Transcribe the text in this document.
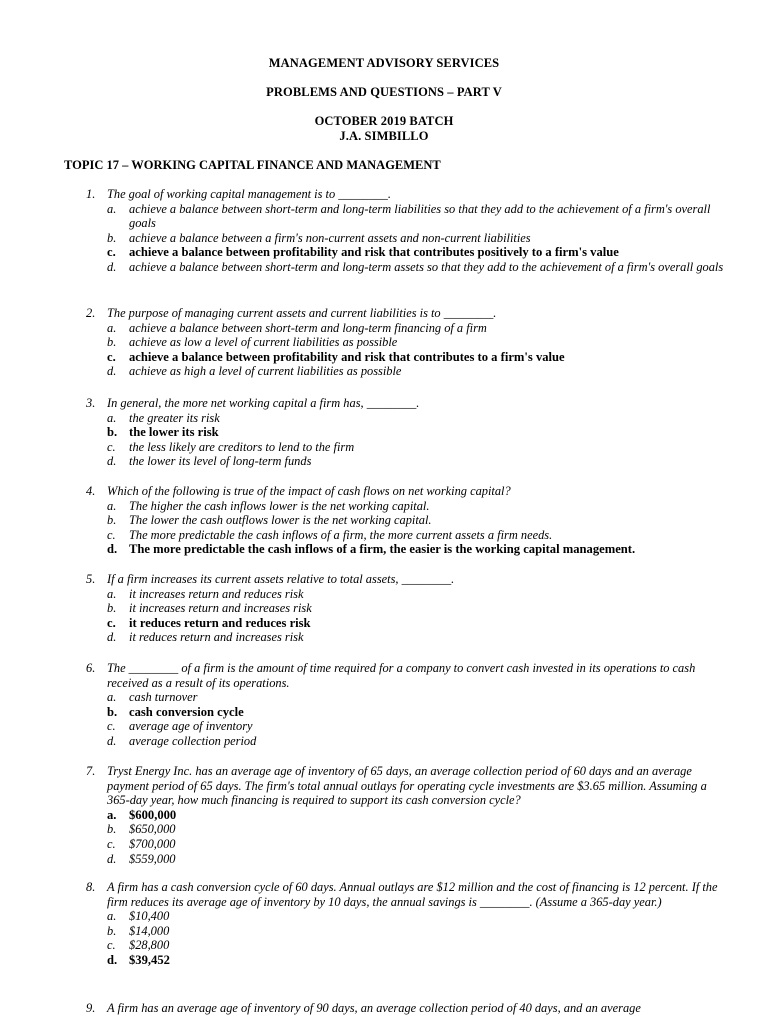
MANAGEMENT ADVISORY SERVICES
PROBLEMS AND QUESTIONS – PART V
OCTOBER 2019 BATCH
J.A. SIMBILLO
TOPIC 17 – WORKING CAPITAL FINANCE AND MANAGEMENT
1. The goal of working capital management is to ________.
a. achieve a balance between short-term and long-term liabilities so that they add to the achievement of a firm's overall goals
b. achieve a balance between a firm's non-current assets and non-current liabilities
c. achieve a balance between profitability and risk that contributes positively to a firm's value
d. achieve a balance between short-term and long-term assets so that they add to the achievement of a firm's overall goals
2. The purpose of managing current assets and current liabilities is to ________.
a. achieve a balance between short-term and long-term financing of a firm
b. achieve as low a level of current liabilities as possible
c. achieve a balance between profitability and risk that contributes to a firm's value
d. achieve as high a level of current liabilities as possible
3. In general, the more net working capital a firm has, ________.
a. the greater its risk
b. the lower its risk
c. the less likely are creditors to lend to the firm
d. the lower its level of long-term funds
4. Which of the following is true of the impact of cash flows on net working capital?
a. The higher the cash inflows lower is the net working capital.
b. The lower the cash outflows lower is the net working capital.
c. The more predictable the cash inflows of a firm, the more current assets a firm needs.
d. The more predictable the cash inflows of a firm, the easier is the working capital management.
5. If a firm increases its current assets relative to total assets, ________.
a. it increases return and reduces risk
b. it increases return and increases risk
c. it reduces return and reduces risk
d. it reduces return and increases risk
6. The ________ of a firm is the amount of time required for a company to convert cash invested in its operations to cash received as a result of its operations.
a. cash turnover
b. cash conversion cycle
c. average age of inventory
d. average collection period
7. Tryst Energy Inc. has an average age of inventory of 65 days, an average collection period of 60 days and an average payment period of 65 days. The firm's total annual outlays for operating cycle investments are $3.65 million. Assuming a 365-day year, how much financing is required to support its cash conversion cycle?
a. $600,000
b. $650,000
c. $700,000
d. $559,000
8. A firm has a cash conversion cycle of 60 days. Annual outlays are $12 million and the cost of financing is 12 percent. If the firm reduces its average age of inventory by 10 days, the annual savings is ________. (Assume a 365-day year.)
a. $10,400
b. $14,000
c. $28,800
d. $39,452
9. A firm has an average age of inventory of 90 days, an average collection period of 40 days, and an average
